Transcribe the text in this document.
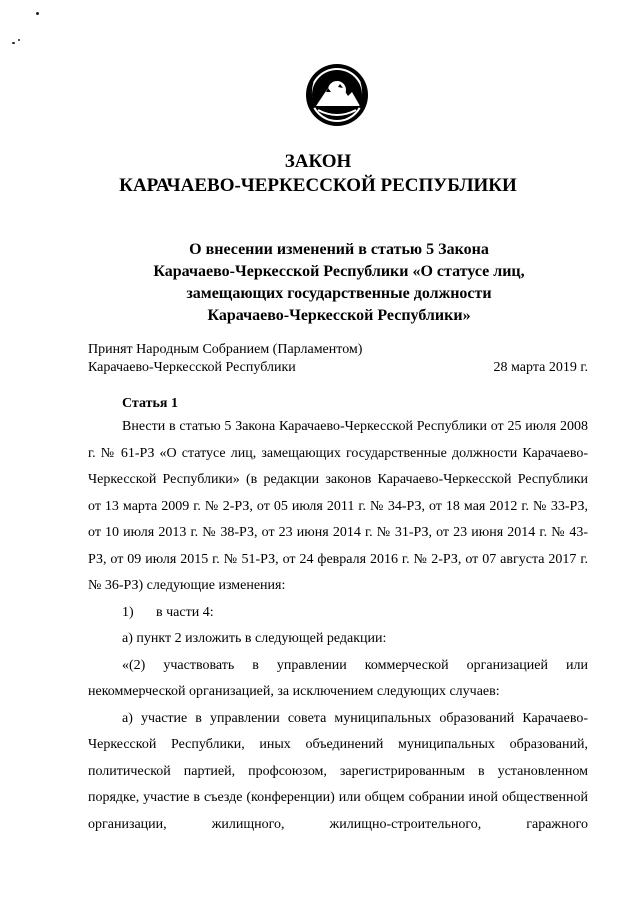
ЗАКОН
КАРАЧАЕВО-ЧЕРКЕССКОЙ РЕСПУБЛИКИ
О внесении изменений в статью 5 Закона
Карачаево-Черкесской Республики «О статусе лиц,
замещающих государственные должности
Карачаево-Черкесской Республики»
Принят Народным Собранием (Парламентом)
Карачаево-Черкесской Республики	28 марта 2019 г.
Статья 1

Внести в статью 5 Закона Карачаево-Черкесской Республики от 25 июля 2008 г. № 61-РЗ «О статусе лиц, замещающих государственные должности Карачаево-Черкесской Республики» (в редакции законов Карачаево-Черкесской Республики от 13 марта 2009 г. № 2-РЗ, от 05 июля 2011 г. № 34-РЗ, от 18 мая 2012 г. № 33-РЗ, от 10 июля 2013 г. № 38-РЗ, от 23 июня 2014 г. № 31-РЗ, от 23 июня 2014 г. № 43-РЗ, от 09 июля 2015 г. № 51-РЗ, от 24 февраля 2016 г. № 2-РЗ, от 07 августа 2017 г. № 36-РЗ) следующие изменения:

1) в части 4:

а) пункт 2 изложить в следующей редакции:

«(2) участвовать в управлении коммерческой организацией или некоммерческой организацией, за исключением следующих случаев:

а) участие в управлении совета муниципальных образований Карачаево-Черкесской Республики, иных объединений муниципальных образований, политической партией, профсоюзом, зарегистрированным в установленном порядке, участие в съезде (конференции) или общем собрании иной общественной организации, жилищного, жилищно-строительного, гаражного
